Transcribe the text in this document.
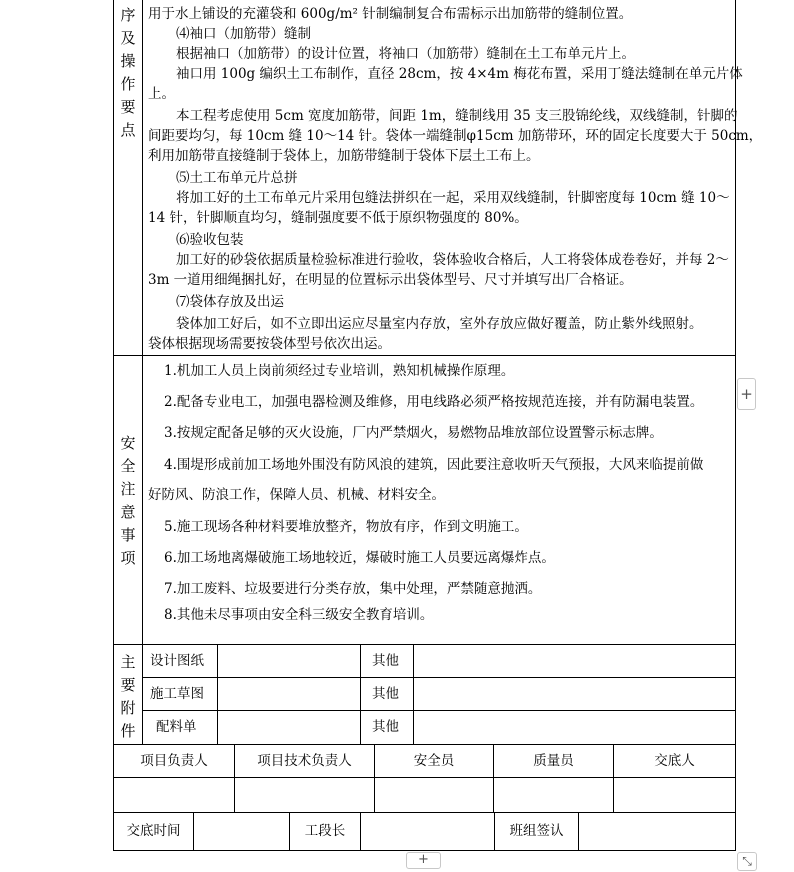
序及操作要点
用于水上铺设的充灌袋和 600g/m² 针制编制复合布需标示出加筋带的缝制位置。
⑷袖口（加筋带）缝制
根据袖口（加筋带）的设计位置，将袖口（加筋带）缝制在土工布单元片上。
袖口用 100g 编织土工布制作，直径 28cm，按 4×4m 梅花布置，采用丁缝法缝制在单元片体
上。
本工程考虑使用 5cm 宽度加筋带，间距 1m，缝制线用 35 支三股锦纶线，双线缝制，针脚的
间距要均匀，每 10cm 缝 10～14 针。袋体一端缝制φ15cm 加筋带环，环的固定长度要大于 50cm，
利用加筋带直接缝制于袋体上，加筋带缝制于袋体下层土工布上。
⑸土工布单元片总拼
将加工好的土工布单元片采用包缝法拼织在一起，采用双线缝制，针脚密度每 10cm 缝 10～
14 针，针脚顺直均匀，缝制强度要不低于原织物强度的 80%。
⑹验收包装
加工好的砂袋依据质量检验标准进行验收，袋体验收合格后，人工将袋体成卷卷好，并每 2～
3m 一道用细绳捆扎好，在明显的位置标示出袋体型号、尺寸并填写出厂合格证。
⑺袋体存放及出运
袋体加工好后，如不立即出运应尽量室内存放，室外存放应做好覆盖，防止紫外线照射。
袋体根据现场需要按袋体型号依次出运。
安全注意事项
1.机加工人员上岗前须经过专业培训，熟知机械操作原理。
2.配备专业电工，加强电器检测及维修，用电线路必须严格按规范连接，并有防漏电装置。
3.按规定配备足够的灭火设施，厂内严禁烟火，易燃物品堆放部位设置警示标志牌。
4.围堤形成前加工场地外围没有防风浪的建筑，因此要注意收听天气预报，大风来临提前做
好防风、防浪工作，保障人员、机械、材料安全。
5.施工现场各种材料要堆放整齐，物放有序，作到文明施工。
6.加工场地离爆破施工场地较近，爆破时施工人员要远离爆炸点。
7.加工废料、垃圾要进行分类存放，集中处理，严禁随意抛洒。
8.其他未尽事项由安全科三级安全教育培训。
主要附件
设计图纸	其他
施工草图	其他
配料单	其他
项目负责人	项目技术负责人	安全员	质量员	交底人
交底时间	工段长	班组签认
+
+	⤡
